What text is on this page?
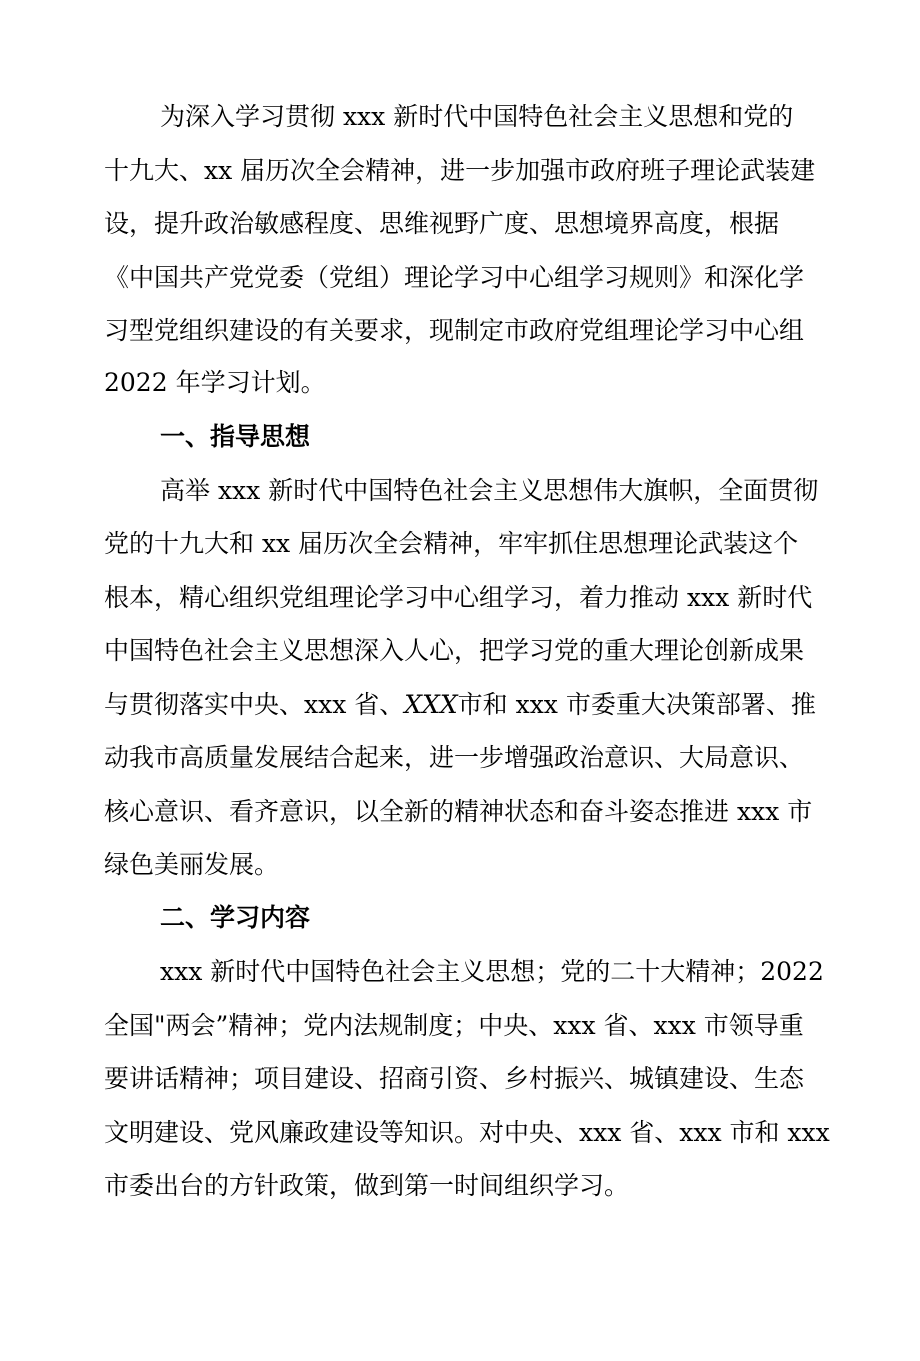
为深入学习贯彻 xxx 新时代中国特色社会主义思想和党的
十九大、xx 届历次全会精神，进一步加强市政府班子理论武装建
设，提升政治敏感程度、思维视野广度、思想境界高度，根据
《中国共产党党委（党组）理论学习中心组学习规则》和深化学
习型党组织建设的有关要求，现制定市政府党组理论学习中心组
2022 年学习计划。
一、指导思想
高举 xxx 新时代中国特色社会主义思想伟大旗帜，全面贯彻
党的十九大和 xx 届历次全会精神，牢牢抓住思想理论武装这个
根本，精心组织党组理论学习中心组学习，着力推动 xxx 新时代
中国特色社会主义思想深入人心，把学习党的重大理论创新成果
与贯彻落实中央、xxx 省、XXX市和 xxx 市委重大决策部署、推
动我市高质量发展结合起来，进一步增强政治意识、大局意识、
核心意识、看齐意识，以全新的精神状态和奋斗姿态推进 xxx 市
绿色美丽发展。
二、学习内容
xxx 新时代中国特色社会主义思想；党的二十大精神；2022
全国"两会”精神；党内法规制度；中央、xxx 省、xxx 市领导重
要讲话精神；项目建设、招商引资、乡村振兴、城镇建设、生态
文明建设、党风廉政建设等知识。对中央、xxx 省、xxx 市和 xxx
市委出台的方针政策，做到第一时间组织学习。
